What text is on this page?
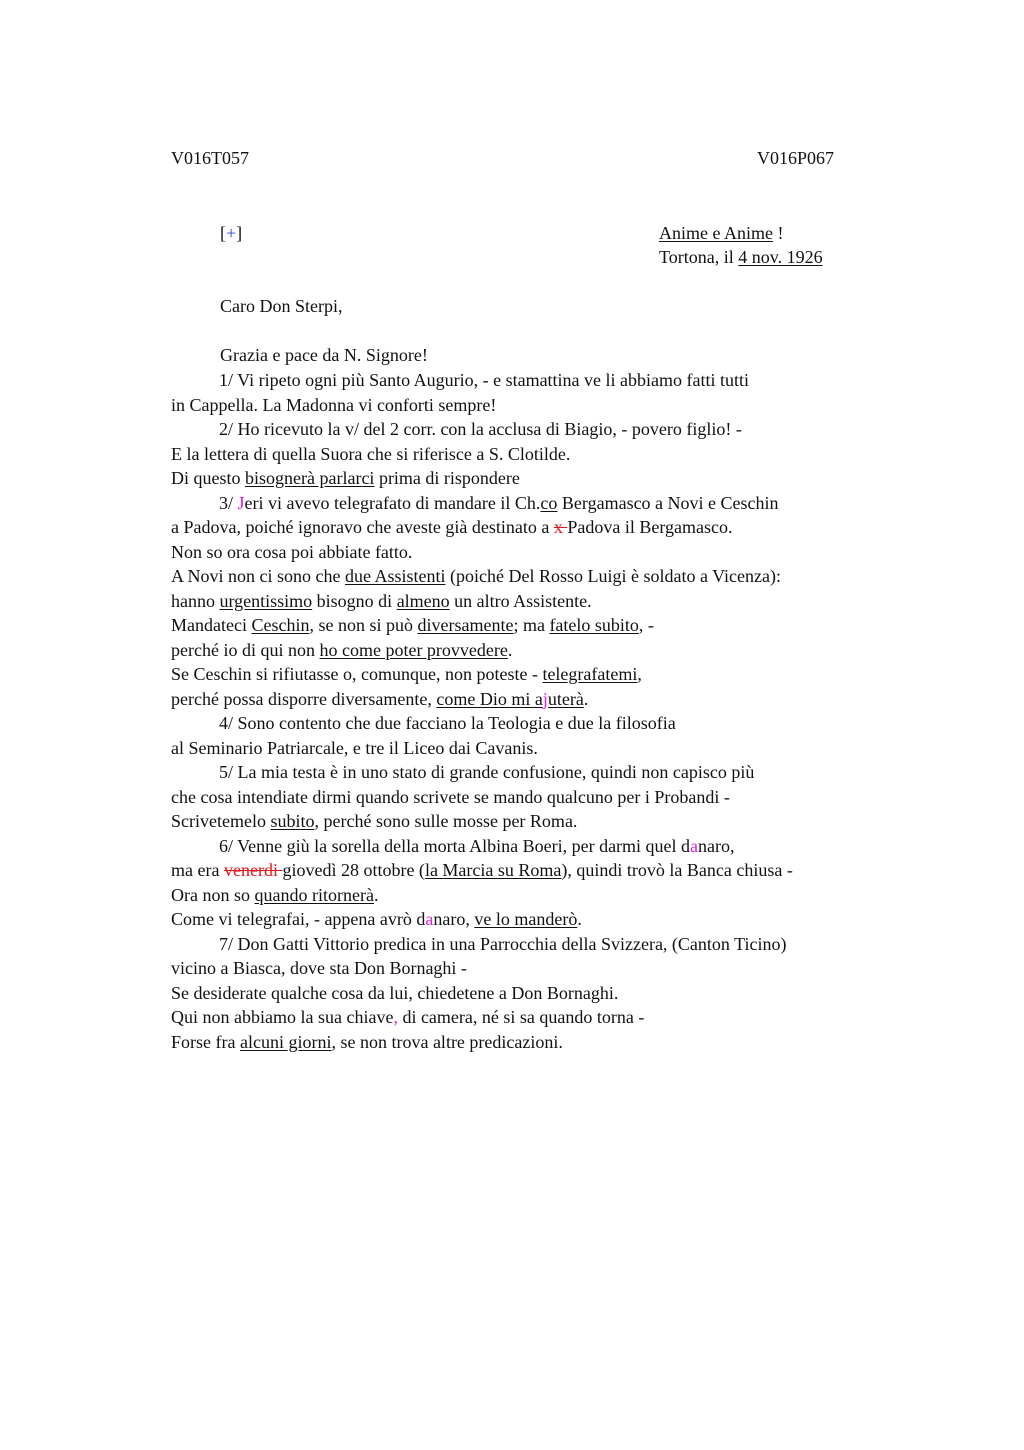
V016T057	V016P067
[+]	Anime e Anime !
Tortona, il 4 nov. 1926
Caro Don Sterpi,
Grazia e pace da N. Signore!
1/ Vi ripeto ogni più Santo Augurio, - e stamattina ve li abbiamo fatti tutti
in Cappella. La Madonna vi conforti sempre!
2/ Ho ricevuto la v/ del 2 corr. con la acclusa di Biagio, - povero figlio! -
E la lettera di quella Suora che si riferisce a S. Clotilde.
Di questo bisognerà parlarci prima di rispondere
3/ Jeri vi avevo telegrafato di mandare il Ch.co Bergamasco a Novi e Ceschin
a Padova, poiché ignoravo che aveste già destinato a x Padova il Bergamasco.
Non so ora cosa poi abbiate fatto.
A Novi non ci sono che due Assistenti (poiché Del Rosso Luigi è soldato a Vicenza):
hanno urgentissimo bisogno di almeno un altro Assistente.
Mandateci Ceschin, se non si può diversamente; ma fatelo subito, -
perché io di qui non ho come poter provvedere.
Se Ceschin si rifiutasse o, comunque, non poteste - telegrafatemi,
perché possa disporre diversamente, come Dio mi ajuterà.
4/ Sono contento che due facciano la Teologia e due la filosofia
al Seminario Patriarcale, e tre il Liceo dai Cavanis.
5/ La mia testa è in uno stato di grande confusione, quindi non capisco più
che cosa intendiate dirmi quando scrivete se mando qualcuno per i Probandi -
Scrivetemelo subito, perché sono sulle mosse per Roma.
6/ Venne giù la sorella della morta Albina Boeri, per darmi quel danaro,
ma era venerdi giovedì 28 ottobre (la Marcia su Roma), quindi trovò la Banca chiusa -
Ora non so quando ritornerà.
Come vi telegrafai, - appena avrò danaro, ve lo manderò.
7/ Don Gatti Vittorio predica in una Parrocchia della Svizzera, (Canton Ticino)
vicino a Biasca, dove sta Don Bornaghi -
Se desiderate qualche cosa da lui, chiedetene a Don Bornaghi.
Qui non abbiamo la sua chiave, di camera, né si sa quando torna -
Forse fra alcuni giorni, se non trova altre predicazioni.
